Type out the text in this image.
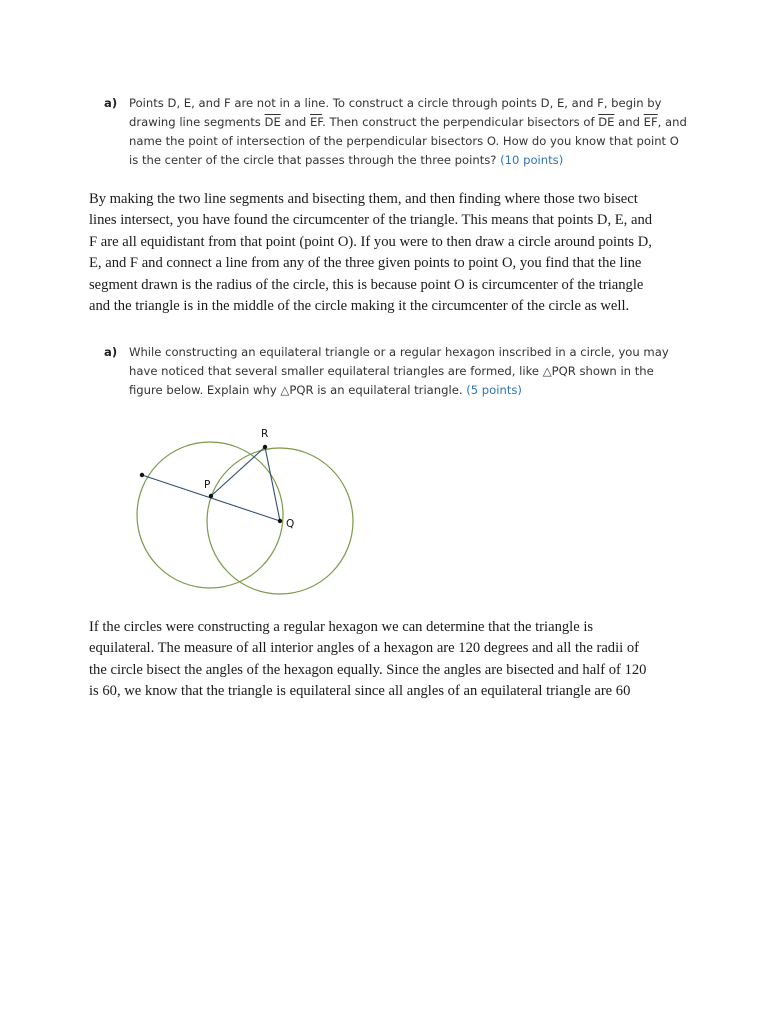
a) Points D, E, and F are not in a line. To construct a circle through points D, E, and F, begin by
drawing line segments $\overline{DE}$ and $\overline{EF}$. Then construct the perpendicular bisectors of $\overline{DE}$ and $\overline{EF}$, and
name the point of intersection of the perpendicular bisectors O. How do you know that point O
is the center of the circle that passes through the three points? (10 points)
By making the two line segments and bisecting them, and then finding where those two bisect
lines intersect, you have found the circumcenter of the triangle. This means that points D, E, and
F are all equidistant from that point (point O). If you were to then draw a circle around points D,
E, and F and connect a line from any of the three given points to point O, you find that the line
segment drawn is the radius of the circle, this is because point O is circumcenter of the triangle
and the triangle is in the middle of the circle making it the circumcenter of the circle as well.
a) While constructing an equilateral triangle or a regular hexagon inscribed in a circle, you may
have noticed that several smaller equilateral triangles are formed, like △PQR shown in the
figure below. Explain why △PQR is an equilateral triangle. (5 points)
R
P
Q
If the circles were constructing a regular hexagon we can determine that the triangle is
equilateral. The measure of all interior angles of a hexagon are 120 degrees and all the radii of
the circle bisect the angles of the hexagon equally. Since the angles are bisected and half of 120
is 60, we know that the triangle is equilateral since all angles of an equilateral triangle are 60
